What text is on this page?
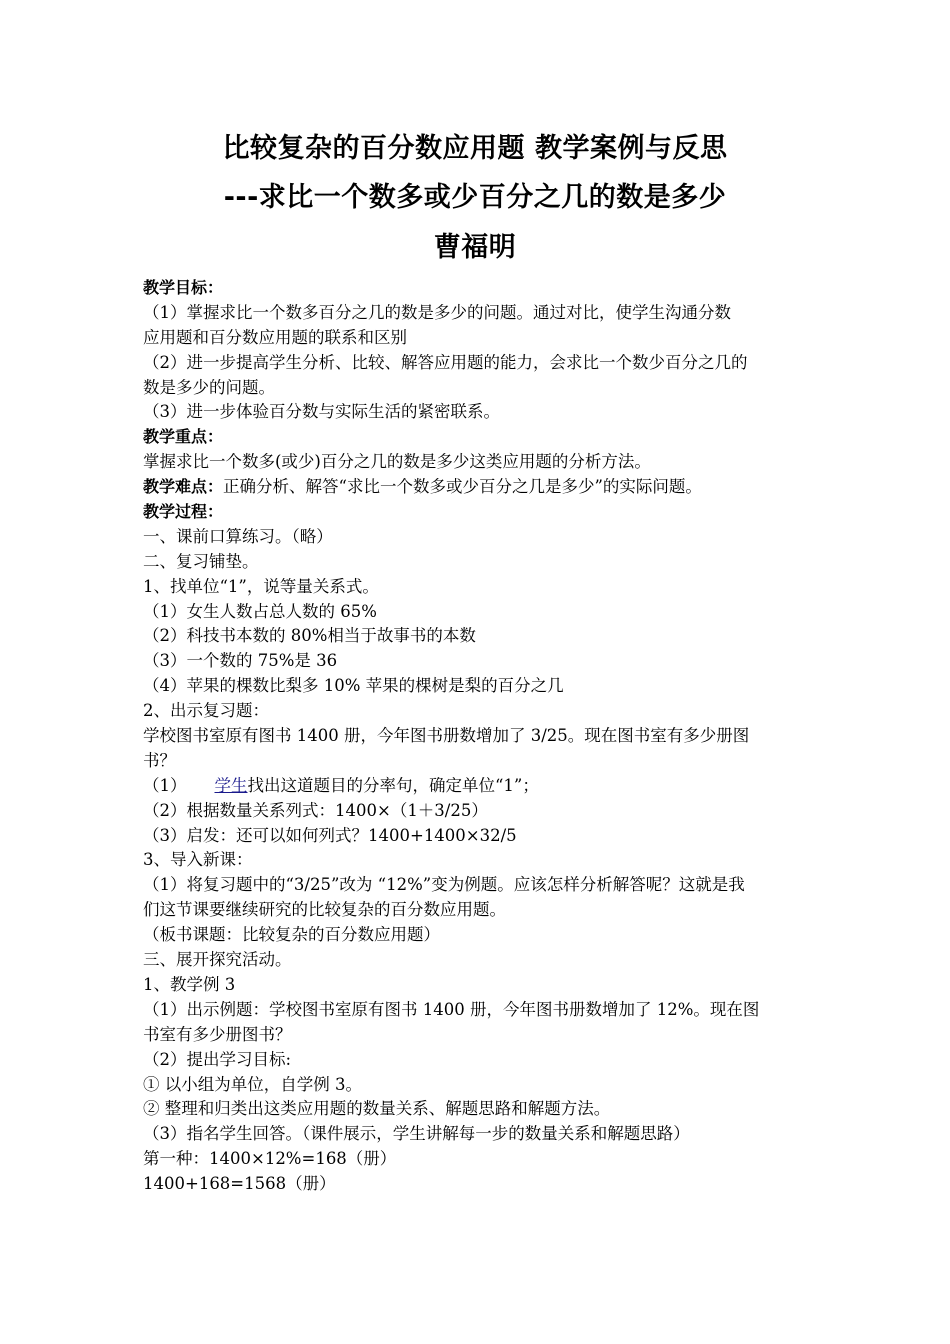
比较复杂的百分数应用题 教学案例与反思
---求比一个数多或少百分之几的数是多少
曹福明
教学目标：
（1）掌握求比一个数多百分之几的数是多少的问题。通过对比，使学生沟通分数
应用题和百分数应用题的联系和区别
（2）进一步提高学生分析、比较、解答应用题的能力，会求比一个数少百分之几的
数是多少的问题。
（3）进一步体验百分数与实际生活的紧密联系。
教学重点：
掌握求比一个数多(或少)百分之几的数是多少这类应用题的分析方法。
教学难点：正确分析、解答“求比一个数多或少百分之几是多少”的实际问题。
教学过程：
一、课前口算练习。（略）
二、复习铺垫。
1、找单位“1”，说等量关系式。
（1）女生人数占总人数的 65%
（2）科技书本数的 80%相当于故事书的本数
（3）一个数的 75%是 36
（4）苹果的棵数比梨多 10% 苹果的棵树是梨的百分之几
2、出示复习题：
学校图书室原有图书 1400 册，今年图书册数增加了 3/25。现在图书室有多少册图
书？
（1） 学生找出这道题目的分率句，确定单位“1”；
（2）根据数量关系列式：1400×（1＋3/25）
（3）启发：还可以如何列式？1400+1400×32/5
3、导入新课：
（1）将复习题中的“3/25”改为 “12%”变为例题。应该怎样分析解答呢？这就是我
们这节课要继续研究的比较复杂的百分数应用题。
（板书课题：比较复杂的百分数应用题）
三、展开探究活动。
1、教学例 3
（1）出示例题：学校图书室原有图书 1400 册，今年图书册数增加了 12%。现在图
书室有多少册图书？
（2）提出学习目标:
① 以小组为单位，自学例 3。
② 整理和归类出这类应用题的数量关系、解题思路和解题方法。
（3）指名学生回答。（课件展示，学生讲解每一步的数量关系和解题思路）
第一种：1400×12%=168（册）
1400+168=1568（册）
